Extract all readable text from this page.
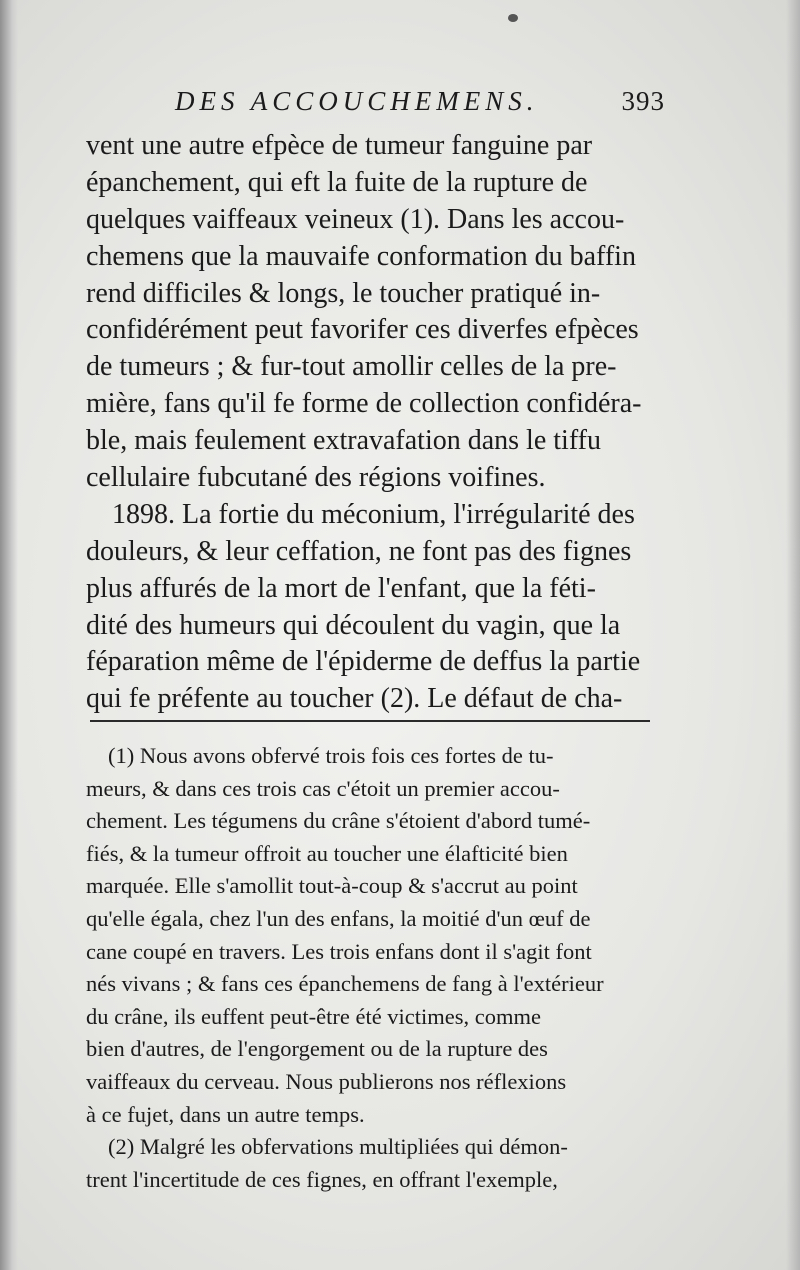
DES ACCOUCHEMENS.	393
vent une autre efpèce de tumeur fanguine par
épanchement, qui eft la fuite de la rupture de
quelques vaiffeaux veineux (1). Dans les accou-
chemens que la mauvaife conformation du baffin
rend difficiles & longs, le toucher pratiqué in-
confidérément peut favorifer ces diverfes efpèces
de tumeurs ; & fur-tout amollir celles de la pre-
mière, fans qu'il fe forme de collection confidéra-
ble, mais feulement extravafation dans le tiffu
cellulaire fubcutané des régions voifines.
1898. La fortie du méconium, l'irrégularité des
douleurs, & leur ceffation, ne font pas des fignes
plus affurés de la mort de l'enfant, que la féti-
dité des humeurs qui découlent du vagin, que la
féparation même de l'épiderme de deffus la partie
qui fe préfente au toucher (2). Le défaut de cha-
(1) Nous avons obfervé trois fois ces fortes de tu-
meurs, & dans ces trois cas c'étoit un premier accou-
chement. Les tégumens du crâne s'étoient d'abord tumé-
fiés, & la tumeur offroit au toucher une élafticité bien
marquée. Elle s'amollit tout-à-coup & s'accrut au point
qu'elle égala, chez l'un des enfans, la moitié d'un œuf de
cane coupé en travers. Les trois enfans dont il s'agit font
nés vivans ; & fans ces épanchemens de fang à l'extérieur
du crâne, ils euffent peut-être été victimes, comme
bien d'autres, de l'engorgement ou de la rupture des
vaiffeaux du cerveau. Nous publierons nos réflexions
à ce fujet, dans un autre temps.
(2) Malgré les obfervations multipliées qui démon-
trent l'incertitude de ces fignes, en offrant l'exemple,
